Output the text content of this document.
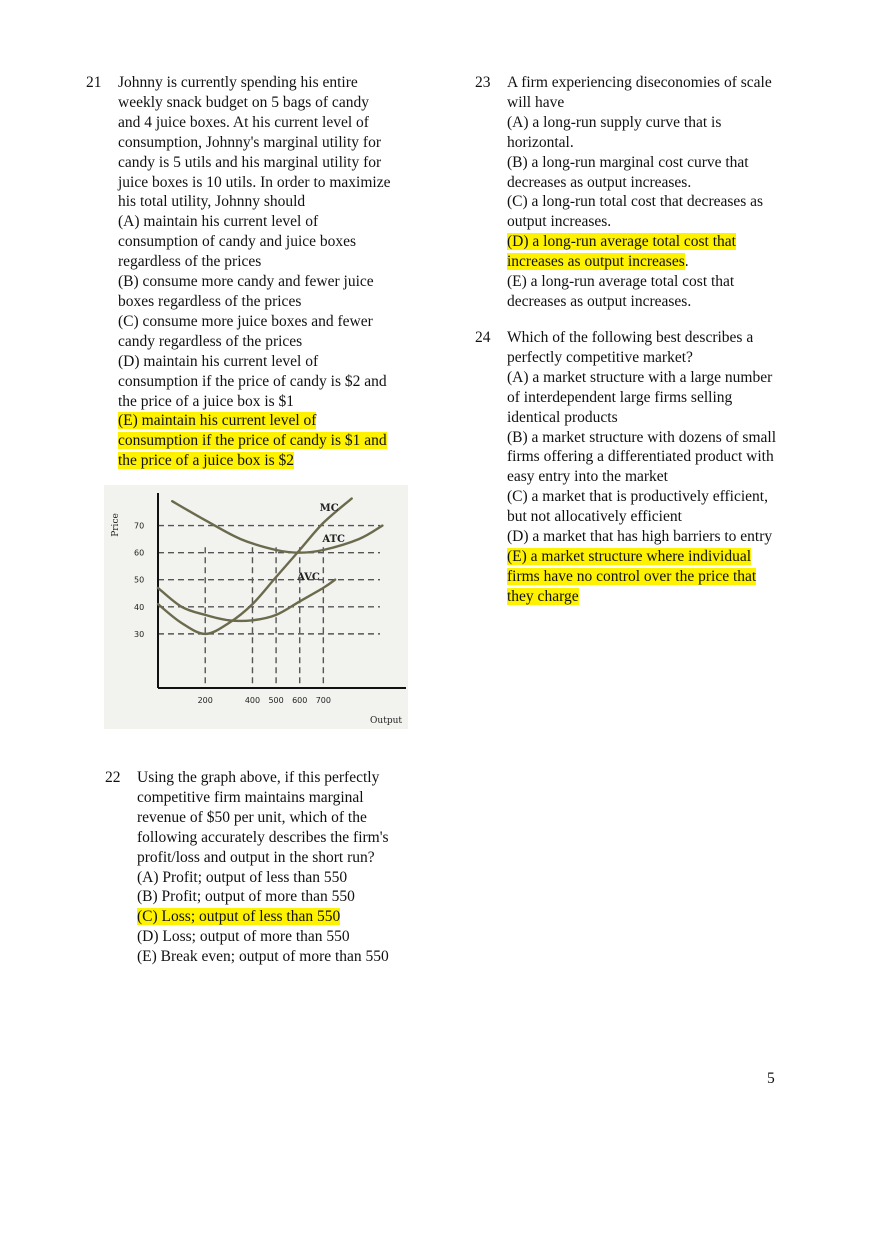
21 Johnny is currently spending his entire
weekly snack budget on 5 bags of candy
and 4 juice boxes. At his current level of
consumption, Johnny's marginal utility for
candy is 5 utils and his marginal utility for
juice boxes is 10 utils. In order to maximize
his total utility, Johnny should
(A) maintain his current level of
consumption of candy and juice boxes
regardless of the prices
(B) consume more candy and fewer juice
boxes regardless of the prices
(C) consume more juice boxes and fewer
candy regardless of the prices
(D) maintain his current level of
consumption if the price of candy is $2 and
the price of a juice box is $1
(E) maintain his current level of
consumption if the price of candy is $1 and
the price of a juice box is $2
70
60
50
40
30
200	400 500 600 700
Price
Output
MC
ATC
AVC
22 Using the graph above, if this perfectly
competitive firm maintains marginal
revenue of $50 per unit, which of the
following accurately describes the firm's
profit/loss and output in the short run?
(A) Profit; output of less than 550
(B) Profit; output of more than 550
(C) Loss; output of less than 550
(D) Loss; output of more than 550
(E) Break even; output of more than 550
23 A firm experiencing diseconomies of scale
will have
(A) a long-run supply curve that is
horizontal.
(B) a long-run marginal cost curve that
decreases as output increases.
(C) a long-run total cost that decreases as
output increases.
(D) a long-run average total cost that
increases as output increases.
(E) a long-run average total cost that
decreases as output increases.
24 Which of the following best describes a
perfectly competitive market?
(A) a market structure with a large number
of interdependent large firms selling
identical products
(B) a market structure with dozens of small
firms offering a differentiated product with
easy entry into the market
(C) a market that is productively efficient,
but not allocatively efficient
(D) a market that has high barriers to entry
(E) a market structure where individual
firms have no control over the price that
they charge
5
